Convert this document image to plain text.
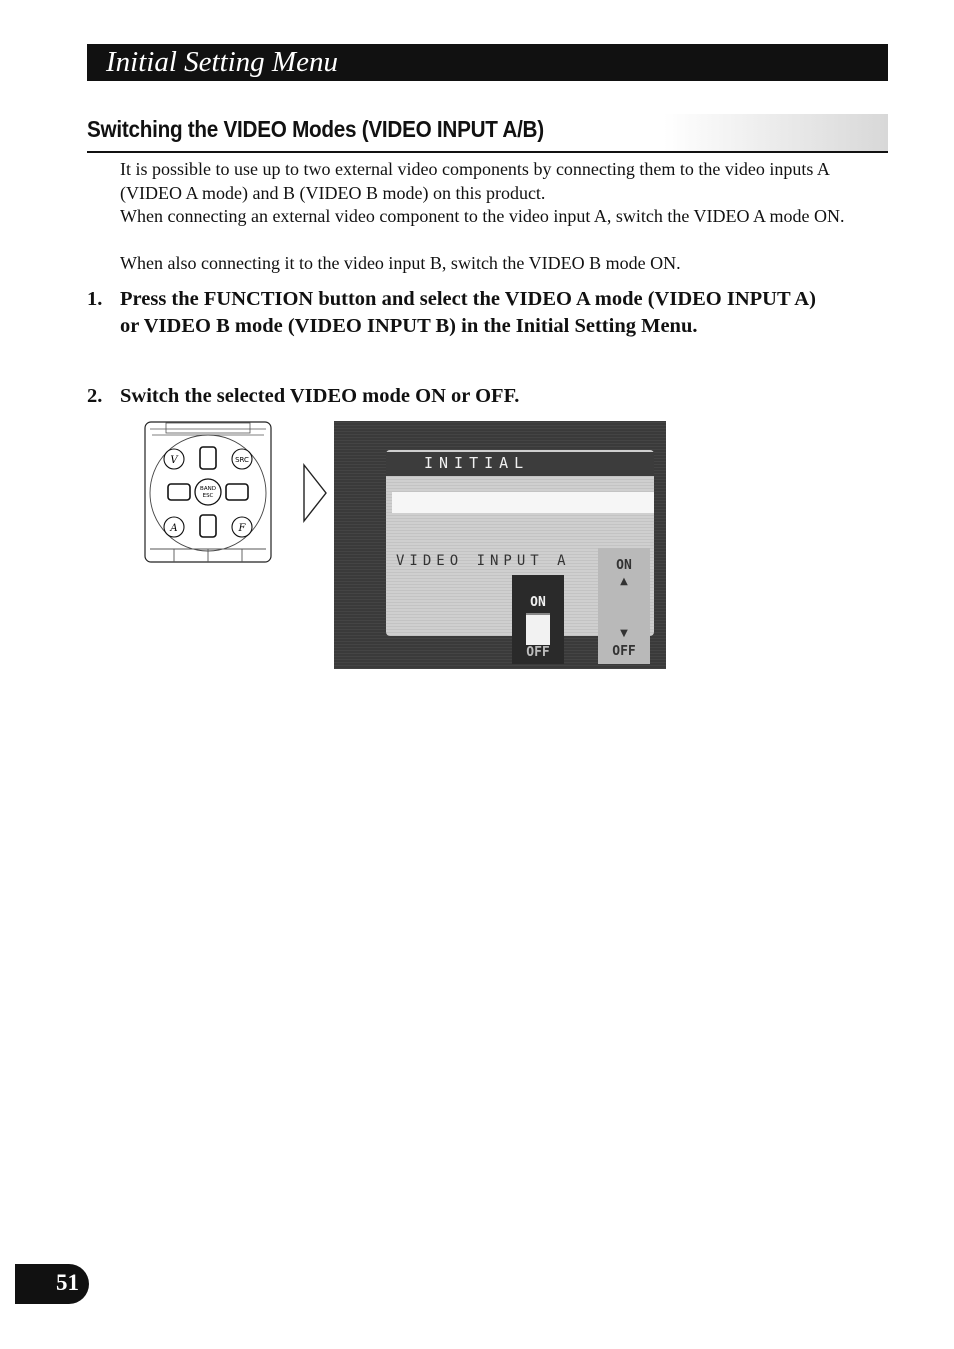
Initial Setting Menu
Switching the VIDEO Modes (VIDEO INPUT A/B)

It is possible to use up to two external video components by connecting them to the video inputs A (VIDEO A mode) and B (VIDEO B mode) on this product.

When connecting an external video component to the video input A, switch the VIDEO A mode ON.

When also connecting it to the video input B, switch the VIDEO B mode ON.

1. Press the FUNCTION button and select the VIDEO A mode (VIDEO INPUT A) or VIDEO B mode (VIDEO INPUT B) in the Initial Setting Menu.
2. Switch the selected VIDEO mode ON or OFF.
BAND
ESC
V	SRC
A	F
INITIAL
VIDEO INPUT A
ON
OFF
ON
▲
▼
OFF
51
